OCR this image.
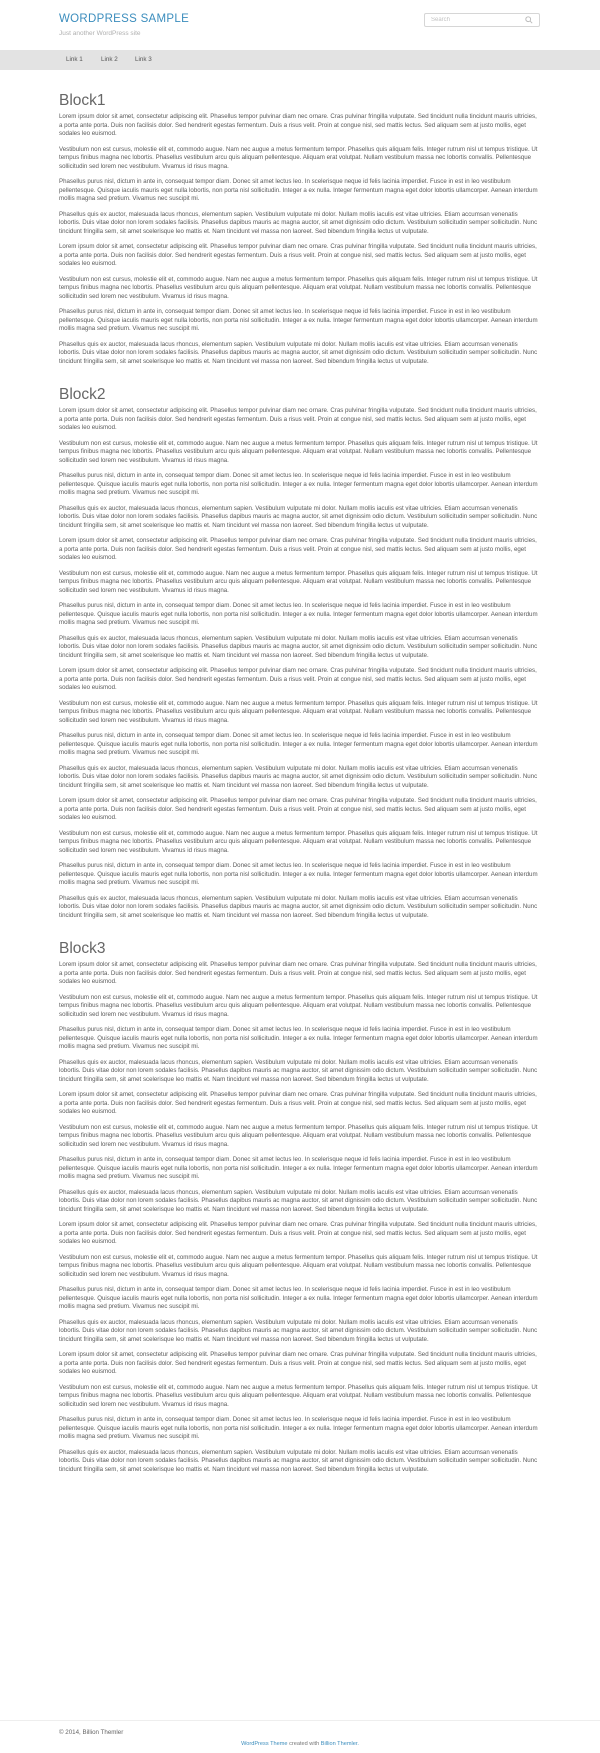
WORDPRESS SAMPLE
Just another WordPress site
Search
Link 1	Link 2	Link 3
Block1

Lorem ipsum dolor sit amet, consectetur adipiscing elit. Phasellus tempor pulvinar diam nec ornare. Cras pulvinar fringilla vulputate. Sed tincidunt nulla tincidunt mauris ultricies, a porta ante porta. Duis non facilisis dolor. Sed hendrerit egestas fermentum. Duis a risus velit. Proin at congue nisl, sed mattis lectus. Sed aliquam sem at justo mollis, eget sodales leo euismod.

Vestibulum non est cursus, molestie elit et, commodo augue. Nam nec augue a metus fermentum tempor. Phasellus quis aliquam felis. Integer rutrum nisl ut tempus tristique. Ut tempus finibus magna nec lobortis. Phasellus vestibulum arcu quis aliquam pellentesque. Aliquam erat volutpat. Nullam vestibulum massa nec lobortis convallis. Pellentesque sollicitudin sed lorem nec vestibulum. Vivamus id risus magna.

Phasellus purus nisl, dictum in ante in, consequat tempor diam. Donec sit amet lectus leo. In scelerisque neque id felis lacinia imperdiet. Fusce in est in leo vestibulum pellentesque. Quisque iaculis mauris eget nulla lobortis, non porta nisl sollicitudin. Integer a ex nulla. Integer fermentum magna eget dolor lobortis ullamcorper. Aenean interdum mollis magna sed pretium. Vivamus nec suscipit mi.

Phasellus quis ex auctor, malesuada lacus rhoncus, elementum sapien. Vestibulum vulputate mi dolor. Nullam mollis iaculis est vitae ultricies. Etiam accumsan venenatis lobortis. Duis vitae dolor non lorem sodales facilisis. Phasellus dapibus mauris ac magna auctor, sit amet dignissim odio dictum. Vestibulum sollicitudin semper sollicitudin. Nunc tincidunt fringilla sem, sit amet scelerisque leo mattis et. Nam tincidunt vel massa non laoreet. Sed bibendum fringilla lectus ut vulputate.

Lorem ipsum dolor sit amet, consectetur adipiscing elit. Phasellus tempor pulvinar diam nec ornare. Cras pulvinar fringilla vulputate. Sed tincidunt nulla tincidunt mauris ultricies, a porta ante porta. Duis non facilisis dolor. Sed hendrerit egestas fermentum. Duis a risus velit. Proin at congue nisl, sed mattis lectus. Sed aliquam sem at justo mollis, eget sodales leo euismod.

Vestibulum non est cursus, molestie elit et, commodo augue. Nam nec augue a metus fermentum tempor. Phasellus quis aliquam felis. Integer rutrum nisl ut tempus tristique. Ut tempus finibus magna nec lobortis. Phasellus vestibulum arcu quis aliquam pellentesque. Aliquam erat volutpat. Nullam vestibulum massa nec lobortis convallis. Pellentesque sollicitudin sed lorem nec vestibulum. Vivamus id risus magna.

Phasellus purus nisl, dictum in ante in, consequat tempor diam. Donec sit amet lectus leo. In scelerisque neque id felis lacinia imperdiet. Fusce in est in leo vestibulum pellentesque. Quisque iaculis mauris eget nulla lobortis, non porta nisl sollicitudin. Integer a ex nulla. Integer fermentum magna eget dolor lobortis ullamcorper. Aenean interdum mollis magna sed pretium. Vivamus nec suscipit mi.

Phasellus quis ex auctor, malesuada lacus rhoncus, elementum sapien. Vestibulum vulputate mi dolor. Nullam mollis iaculis est vitae ultricies. Etiam accumsan venenatis lobortis. Duis vitae dolor non lorem sodales facilisis. Phasellus dapibus mauris ac magna auctor, sit amet dignissim odio dictum. Vestibulum sollicitudin semper sollicitudin. Nunc tincidunt fringilla sem, sit amet scelerisque leo mattis et. Nam tincidunt vel massa non laoreet. Sed bibendum fringilla lectus ut vulputate.

Block2

Lorem ipsum dolor sit amet, consectetur adipiscing elit. Phasellus tempor pulvinar diam nec ornare. Cras pulvinar fringilla vulputate. Sed tincidunt nulla tincidunt mauris ultricies, a porta ante porta. Duis non facilisis dolor. Sed hendrerit egestas fermentum. Duis a risus velit. Proin at congue nisl, sed mattis lectus. Sed aliquam sem at justo mollis, eget sodales leo euismod.

Vestibulum non est cursus, molestie elit et, commodo augue. Nam nec augue a metus fermentum tempor. Phasellus quis aliquam felis. Integer rutrum nisl ut tempus tristique. Ut tempus finibus magna nec lobortis. Phasellus vestibulum arcu quis aliquam pellentesque. Aliquam erat volutpat. Nullam vestibulum massa nec lobortis convallis. Pellentesque sollicitudin sed lorem nec vestibulum. Vivamus id risus magna.

Phasellus purus nisl, dictum in ante in, consequat tempor diam. Donec sit amet lectus leo. In scelerisque neque id felis lacinia imperdiet. Fusce in est in leo vestibulum pellentesque. Quisque iaculis mauris eget nulla lobortis, non porta nisl sollicitudin. Integer a ex nulla. Integer fermentum magna eget dolor lobortis ullamcorper. Aenean interdum mollis magna sed pretium. Vivamus nec suscipit mi.

Phasellus quis ex auctor, malesuada lacus rhoncus, elementum sapien. Vestibulum vulputate mi dolor. Nullam mollis iaculis est vitae ultricies. Etiam accumsan venenatis lobortis. Duis vitae dolor non lorem sodales facilisis. Phasellus dapibus mauris ac magna auctor, sit amet dignissim odio dictum. Vestibulum sollicitudin semper sollicitudin. Nunc tincidunt fringilla sem, sit amet scelerisque leo mattis et. Nam tincidunt vel massa non laoreet. Sed bibendum fringilla lectus ut vulputate.

Lorem ipsum dolor sit amet, consectetur adipiscing elit. Phasellus tempor pulvinar diam nec ornare. Cras pulvinar fringilla vulputate. Sed tincidunt nulla tincidunt mauris ultricies, a porta ante porta. Duis non facilisis dolor. Sed hendrerit egestas fermentum. Duis a risus velit. Proin at congue nisl, sed mattis lectus. Sed aliquam sem at justo mollis, eget sodales leo euismod.

Vestibulum non est cursus, molestie elit et, commodo augue. Nam nec augue a metus fermentum tempor. Phasellus quis aliquam felis. Integer rutrum nisl ut tempus tristique. Ut tempus finibus magna nec lobortis. Phasellus vestibulum arcu quis aliquam pellentesque. Aliquam erat volutpat. Nullam vestibulum massa nec lobortis convallis. Pellentesque sollicitudin sed lorem nec vestibulum. Vivamus id risus magna.

Phasellus purus nisl, dictum in ante in, consequat tempor diam. Donec sit amet lectus leo. In scelerisque neque id felis lacinia imperdiet. Fusce in est in leo vestibulum pellentesque. Quisque iaculis mauris eget nulla lobortis, non porta nisl sollicitudin. Integer a ex nulla. Integer fermentum magna eget dolor lobortis ullamcorper. Aenean interdum mollis magna sed pretium. Vivamus nec suscipit mi.

Phasellus quis ex auctor, malesuada lacus rhoncus, elementum sapien. Vestibulum vulputate mi dolor. Nullam mollis iaculis est vitae ultricies. Etiam accumsan venenatis lobortis. Duis vitae dolor non lorem sodales facilisis. Phasellus dapibus mauris ac magna auctor, sit amet dignissim odio dictum. Vestibulum sollicitudin semper sollicitudin. Nunc tincidunt fringilla sem, sit amet scelerisque leo mattis et. Nam tincidunt vel massa non laoreet. Sed bibendum fringilla lectus ut vulputate.

Lorem ipsum dolor sit amet, consectetur adipiscing elit. Phasellus tempor pulvinar diam nec ornare. Cras pulvinar fringilla vulputate. Sed tincidunt nulla tincidunt mauris ultricies, a porta ante porta. Duis non facilisis dolor. Sed hendrerit egestas fermentum. Duis a risus velit. Proin at congue nisl, sed mattis lectus. Sed aliquam sem at justo mollis, eget sodales leo euismod.

Vestibulum non est cursus, molestie elit et, commodo augue. Nam nec augue a metus fermentum tempor. Phasellus quis aliquam felis. Integer rutrum nisl ut tempus tristique. Ut tempus finibus magna nec lobortis. Phasellus vestibulum arcu quis aliquam pellentesque. Aliquam erat volutpat. Nullam vestibulum massa nec lobortis convallis. Pellentesque sollicitudin sed lorem nec vestibulum. Vivamus id risus magna.

Phasellus purus nisl, dictum in ante in, consequat tempor diam. Donec sit amet lectus leo. In scelerisque neque id felis lacinia imperdiet. Fusce in est in leo vestibulum pellentesque. Quisque iaculis mauris eget nulla lobortis, non porta nisl sollicitudin. Integer a ex nulla. Integer fermentum magna eget dolor lobortis ullamcorper. Aenean interdum mollis magna sed pretium. Vivamus nec suscipit mi.

Phasellus quis ex auctor, malesuada lacus rhoncus, elementum sapien. Vestibulum vulputate mi dolor. Nullam mollis iaculis est vitae ultricies. Etiam accumsan venenatis lobortis. Duis vitae dolor non lorem sodales facilisis. Phasellus dapibus mauris ac magna auctor, sit amet dignissim odio dictum. Vestibulum sollicitudin semper sollicitudin. Nunc tincidunt fringilla sem, sit amet scelerisque leo mattis et. Nam tincidunt vel massa non laoreet. Sed bibendum fringilla lectus ut vulputate.

Lorem ipsum dolor sit amet, consectetur adipiscing elit. Phasellus tempor pulvinar diam nec ornare. Cras pulvinar fringilla vulputate. Sed tincidunt nulla tincidunt mauris ultricies, a porta ante porta. Duis non facilisis dolor. Sed hendrerit egestas fermentum. Duis a risus velit. Proin at congue nisl, sed mattis lectus. Sed aliquam sem at justo mollis, eget sodales leo euismod.

Vestibulum non est cursus, molestie elit et, commodo augue. Nam nec augue a metus fermentum tempor. Phasellus quis aliquam felis. Integer rutrum nisl ut tempus tristique. Ut tempus finibus magna nec lobortis. Phasellus vestibulum arcu quis aliquam pellentesque. Aliquam erat volutpat. Nullam vestibulum massa nec lobortis convallis. Pellentesque sollicitudin sed lorem nec vestibulum. Vivamus id risus magna.

Phasellus purus nisl, dictum in ante in, consequat tempor diam. Donec sit amet lectus leo. In scelerisque neque id felis lacinia imperdiet. Fusce in est in leo vestibulum pellentesque. Quisque iaculis mauris eget nulla lobortis, non porta nisl sollicitudin. Integer a ex nulla. Integer fermentum magna eget dolor lobortis ullamcorper. Aenean interdum mollis magna sed pretium. Vivamus nec suscipit mi.

Phasellus quis ex auctor, malesuada lacus rhoncus, elementum sapien. Vestibulum vulputate mi dolor. Nullam mollis iaculis est vitae ultricies. Etiam accumsan venenatis lobortis. Duis vitae dolor non lorem sodales facilisis. Phasellus dapibus mauris ac magna auctor, sit amet dignissim odio dictum. Vestibulum sollicitudin semper sollicitudin. Nunc tincidunt fringilla sem, sit amet scelerisque leo mattis et. Nam tincidunt vel massa non laoreet. Sed bibendum fringilla lectus ut vulputate.

Block3

Lorem ipsum dolor sit amet, consectetur adipiscing elit. Phasellus tempor pulvinar diam nec ornare. Cras pulvinar fringilla vulputate. Sed tincidunt nulla tincidunt mauris ultricies, a porta ante porta. Duis non facilisis dolor. Sed hendrerit egestas fermentum. Duis a risus velit. Proin at congue nisl, sed mattis lectus. Sed aliquam sem at justo mollis, eget sodales leo euismod.

Vestibulum non est cursus, molestie elit et, commodo augue. Nam nec augue a metus fermentum tempor. Phasellus quis aliquam felis. Integer rutrum nisl ut tempus tristique. Ut tempus finibus magna nec lobortis. Phasellus vestibulum arcu quis aliquam pellentesque. Aliquam erat volutpat. Nullam vestibulum massa nec lobortis convallis. Pellentesque sollicitudin sed lorem nec vestibulum. Vivamus id risus magna.

Phasellus purus nisl, dictum in ante in, consequat tempor diam. Donec sit amet lectus leo. In scelerisque neque id felis lacinia imperdiet. Fusce in est in leo vestibulum pellentesque. Quisque iaculis mauris eget nulla lobortis, non porta nisl sollicitudin. Integer a ex nulla. Integer fermentum magna eget dolor lobortis ullamcorper. Aenean interdum mollis magna sed pretium. Vivamus nec suscipit mi.

Phasellus quis ex auctor, malesuada lacus rhoncus, elementum sapien. Vestibulum vulputate mi dolor. Nullam mollis iaculis est vitae ultricies. Etiam accumsan venenatis lobortis. Duis vitae dolor non lorem sodales facilisis. Phasellus dapibus mauris ac magna auctor, sit amet dignissim odio dictum. Vestibulum sollicitudin semper sollicitudin. Nunc tincidunt fringilla sem, sit amet scelerisque leo mattis et. Nam tincidunt vel massa non laoreet. Sed bibendum fringilla lectus ut vulputate.

Lorem ipsum dolor sit amet, consectetur adipiscing elit. Phasellus tempor pulvinar diam nec ornare. Cras pulvinar fringilla vulputate. Sed tincidunt nulla tincidunt mauris ultricies, a porta ante porta. Duis non facilisis dolor. Sed hendrerit egestas fermentum. Duis a risus velit. Proin at congue nisl, sed mattis lectus. Sed aliquam sem at justo mollis, eget sodales leo euismod.

Vestibulum non est cursus, molestie elit et, commodo augue. Nam nec augue a metus fermentum tempor. Phasellus quis aliquam felis. Integer rutrum nisl ut tempus tristique. Ut tempus finibus magna nec lobortis. Phasellus vestibulum arcu quis aliquam pellentesque. Aliquam erat volutpat. Nullam vestibulum massa nec lobortis convallis. Pellentesque sollicitudin sed lorem nec vestibulum. Vivamus id risus magna.

Phasellus purus nisl, dictum in ante in, consequat tempor diam. Donec sit amet lectus leo. In scelerisque neque id felis lacinia imperdiet. Fusce in est in leo vestibulum pellentesque. Quisque iaculis mauris eget nulla lobortis, non porta nisl sollicitudin. Integer a ex nulla. Integer fermentum magna eget dolor lobortis ullamcorper. Aenean interdum mollis magna sed pretium. Vivamus nec suscipit mi.

Phasellus quis ex auctor, malesuada lacus rhoncus, elementum sapien. Vestibulum vulputate mi dolor. Nullam mollis iaculis est vitae ultricies. Etiam accumsan venenatis lobortis. Duis vitae dolor non lorem sodales facilisis. Phasellus dapibus mauris ac magna auctor, sit amet dignissim odio dictum. Vestibulum sollicitudin semper sollicitudin. Nunc tincidunt fringilla sem, sit amet scelerisque leo mattis et. Nam tincidunt vel massa non laoreet. Sed bibendum fringilla lectus ut vulputate.

Lorem ipsum dolor sit amet, consectetur adipiscing elit. Phasellus tempor pulvinar diam nec ornare. Cras pulvinar fringilla vulputate. Sed tincidunt nulla tincidunt mauris ultricies, a porta ante porta. Duis non facilisis dolor. Sed hendrerit egestas fermentum. Duis a risus velit. Proin at congue nisl, sed mattis lectus. Sed aliquam sem at justo mollis, eget sodales leo euismod.

Vestibulum non est cursus, molestie elit et, commodo augue. Nam nec augue a metus fermentum tempor. Phasellus quis aliquam felis. Integer rutrum nisl ut tempus tristique. Ut tempus finibus magna nec lobortis. Phasellus vestibulum arcu quis aliquam pellentesque. Aliquam erat volutpat. Nullam vestibulum massa nec lobortis convallis. Pellentesque sollicitudin sed lorem nec vestibulum. Vivamus id risus magna.

Phasellus purus nisl, dictum in ante in, consequat tempor diam. Donec sit amet lectus leo. In scelerisque neque id felis lacinia imperdiet. Fusce in est in leo vestibulum pellentesque. Quisque iaculis mauris eget nulla lobortis, non porta nisl sollicitudin. Integer a ex nulla. Integer fermentum magna eget dolor lobortis ullamcorper. Aenean interdum mollis magna sed pretium. Vivamus nec suscipit mi.

Phasellus quis ex auctor, malesuada lacus rhoncus, elementum sapien. Vestibulum vulputate mi dolor. Nullam mollis iaculis est vitae ultricies. Etiam accumsan venenatis lobortis. Duis vitae dolor non lorem sodales facilisis. Phasellus dapibus mauris ac magna auctor, sit amet dignissim odio dictum. Vestibulum sollicitudin semper sollicitudin. Nunc tincidunt fringilla sem, sit amet scelerisque leo mattis et. Nam tincidunt vel massa non laoreet. Sed bibendum fringilla lectus ut vulputate.

Lorem ipsum dolor sit amet, consectetur adipiscing elit. Phasellus tempor pulvinar diam nec ornare. Cras pulvinar fringilla vulputate. Sed tincidunt nulla tincidunt mauris ultricies, a porta ante porta. Duis non facilisis dolor. Sed hendrerit egestas fermentum. Duis a risus velit. Proin at congue nisl, sed mattis lectus. Sed aliquam sem at justo mollis, eget sodales leo euismod.

Vestibulum non est cursus, molestie elit et, commodo augue. Nam nec augue a metus fermentum tempor. Phasellus quis aliquam felis. Integer rutrum nisl ut tempus tristique. Ut tempus finibus magna nec lobortis. Phasellus vestibulum arcu quis aliquam pellentesque. Aliquam erat volutpat. Nullam vestibulum massa nec lobortis convallis. Pellentesque sollicitudin sed lorem nec vestibulum. Vivamus id risus magna.

Phasellus purus nisl, dictum in ante in, consequat tempor diam. Donec sit amet lectus leo. In scelerisque neque id felis lacinia imperdiet. Fusce in est in leo vestibulum pellentesque. Quisque iaculis mauris eget nulla lobortis, non porta nisl sollicitudin. Integer a ex nulla. Integer fermentum magna eget dolor lobortis ullamcorper. Aenean interdum mollis magna sed pretium. Vivamus nec suscipit mi.

Phasellus quis ex auctor, malesuada lacus rhoncus, elementum sapien. Vestibulum vulputate mi dolor. Nullam mollis iaculis est vitae ultricies. Etiam accumsan venenatis lobortis. Duis vitae dolor non lorem sodales facilisis. Phasellus dapibus mauris ac magna auctor, sit amet dignissim odio dictum. Vestibulum sollicitudin semper sollicitudin. Nunc tincidunt fringilla sem, sit amet scelerisque leo mattis et. Nam tincidunt vel massa non laoreet. Sed bibendum fringilla lectus ut vulputate.

© 2014, Billion Themler
WordPress Theme created with Billion Themler.
